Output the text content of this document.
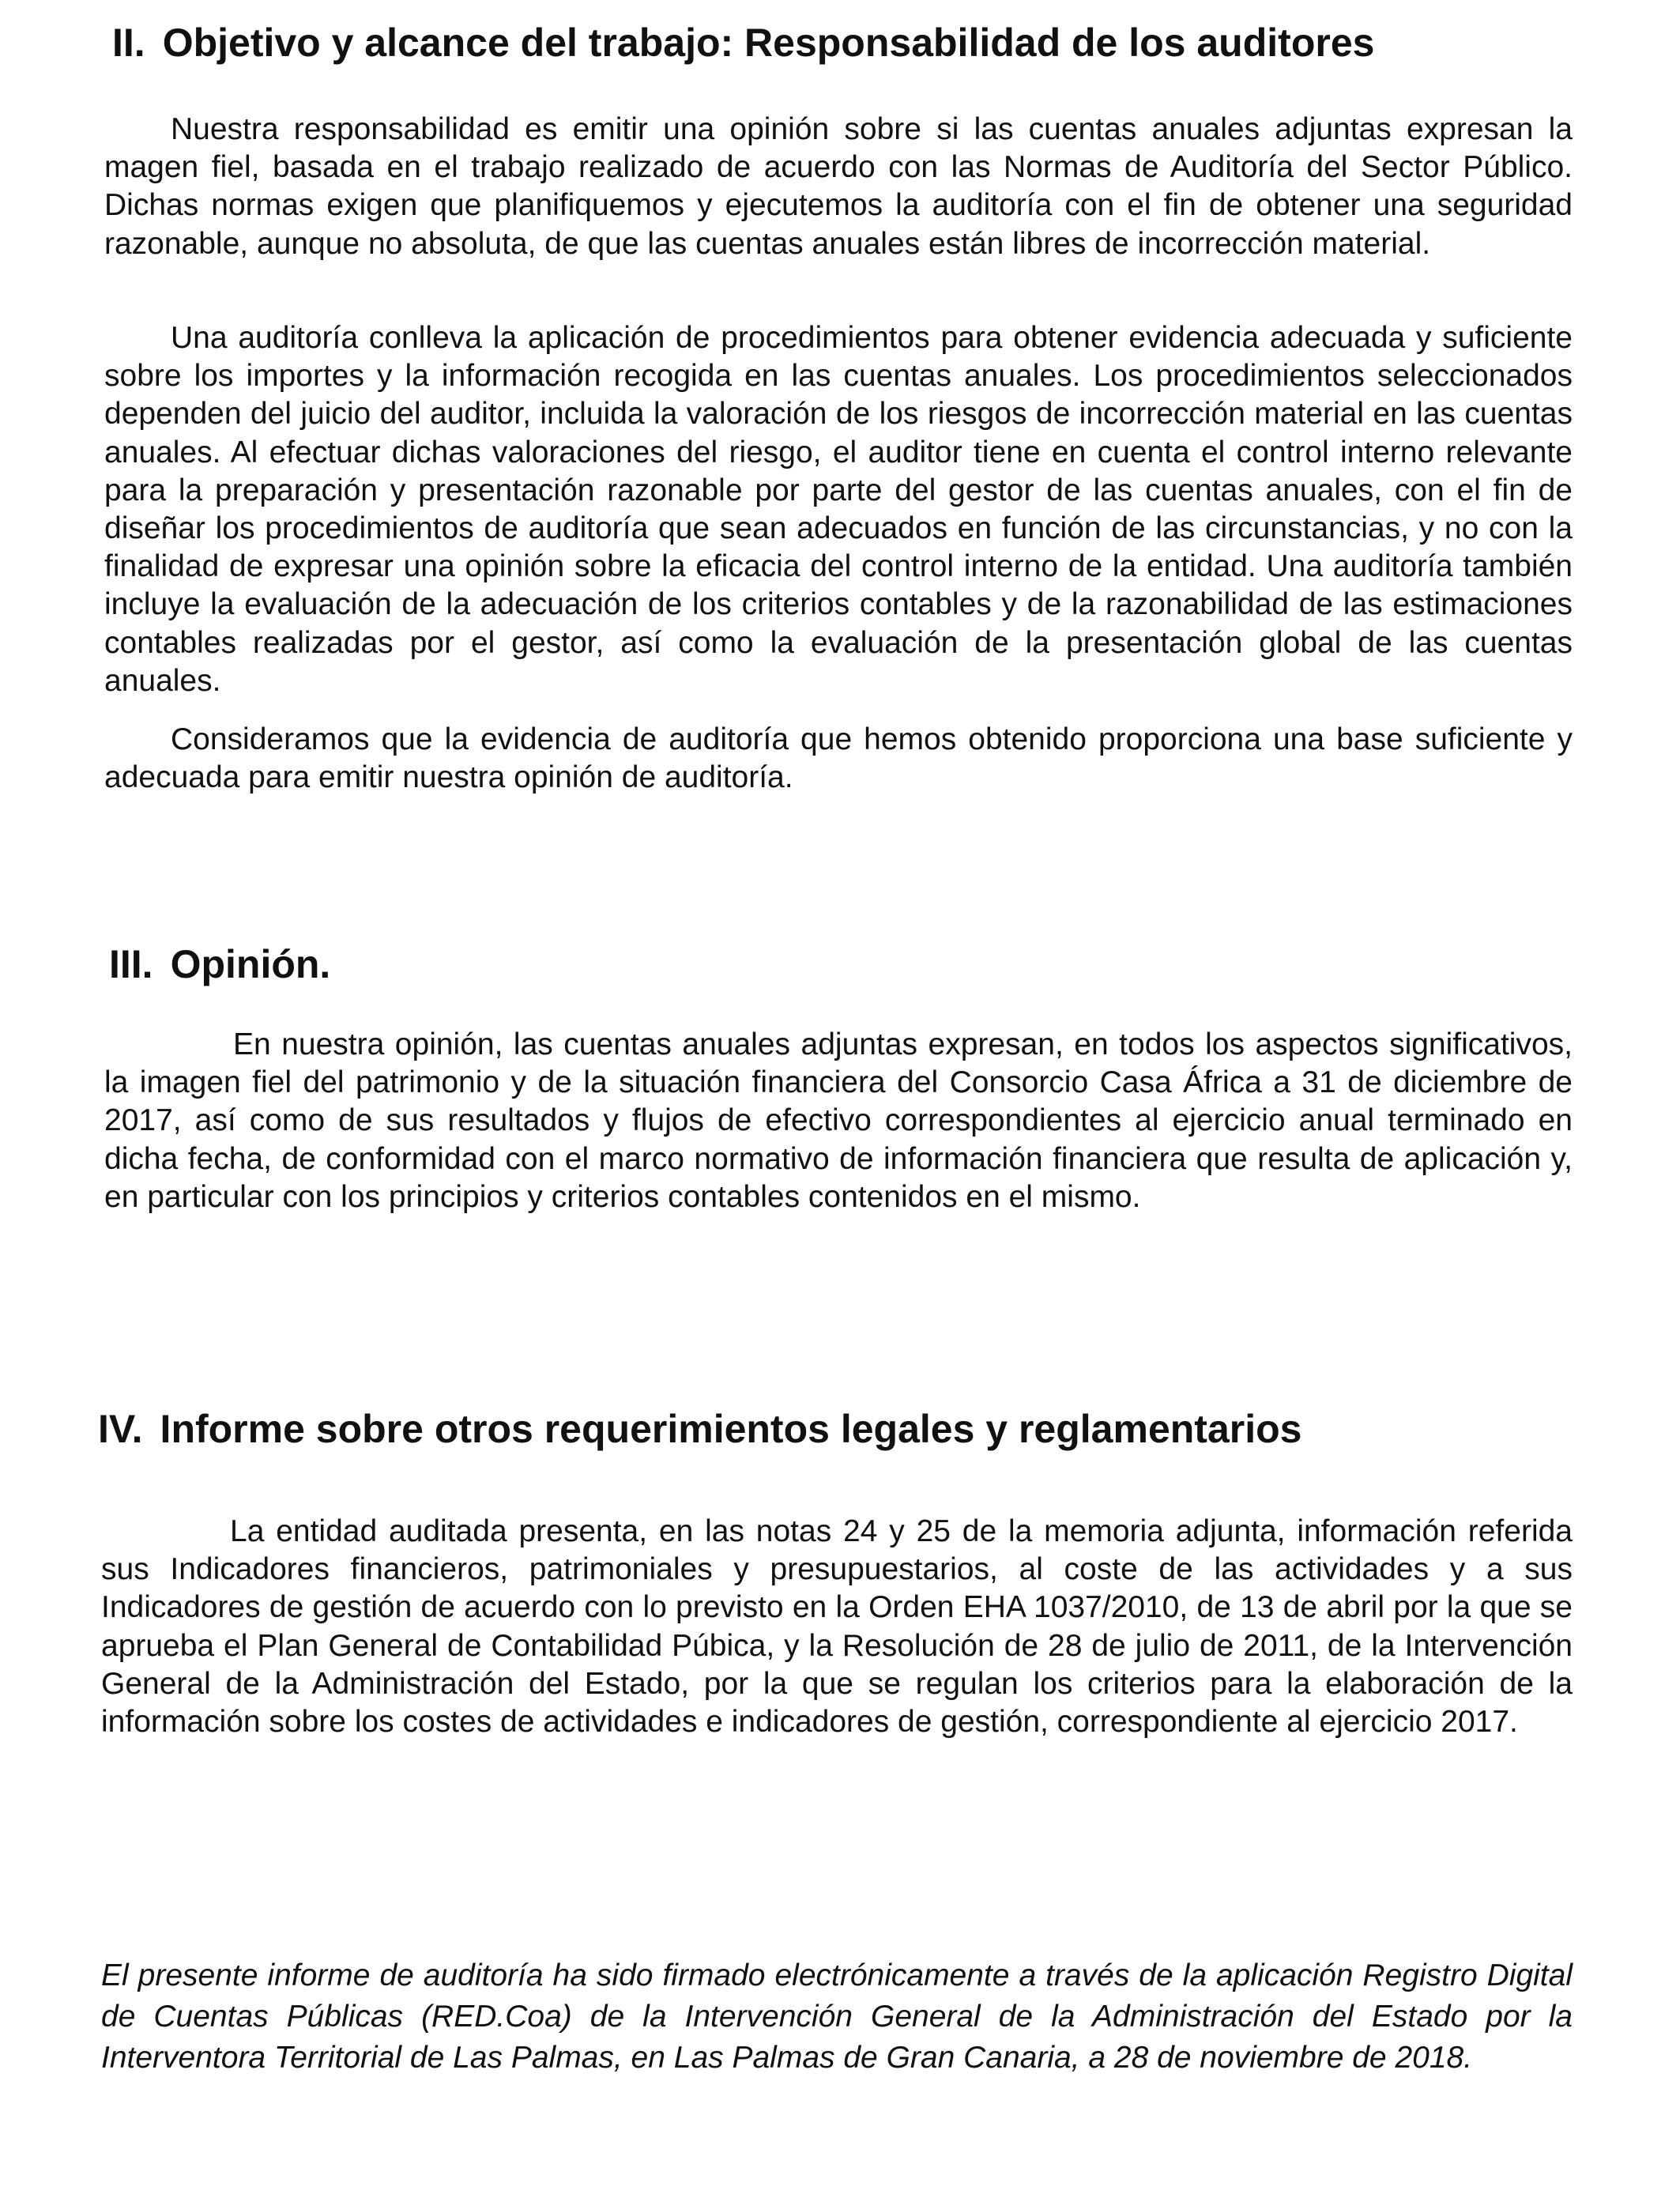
II. Objetivo y alcance del trabajo: Responsabilidad de los auditores

Nuestra responsabilidad es emitir una opinión sobre si las cuentas anuales adjuntas expresan la magen fiel, basada en el trabajo realizado de acuerdo con las Normas de Auditoría del Sector Público. Dichas normas exigen que planifiquemos y ejecutemos la auditoría con el fin de obtener una seguridad razonable, aunque no absoluta, de que las cuentas anuales están libres de incorrección material.

Una auditoría conlleva la aplicación de procedimientos para obtener evidencia adecuada y suficiente sobre los importes y la información recogida en las cuentas anuales. Los procedimientos seleccionados dependen del juicio del auditor, incluida la valoración de los riesgos de incorrección material en las cuentas anuales. Al efectuar dichas valoraciones del riesgo, el auditor tiene en cuenta el control interno relevante para la preparación y presentación razonable por parte del gestor de las cuentas anuales, con el fin de diseñar los procedimientos de auditoría que sean adecuados en función de las circunstancias, y no con la finalidad de expresar una opinión sobre la eficacia del control interno de la entidad. Una auditoría también incluye la evaluación de la adecuación de los criterios contables y de la razonabilidad de las estimaciones contables realizadas por el gestor, así como la evaluación de la presentación global de las cuentas anuales.

Consideramos que la evidencia de auditoría que hemos obtenido proporciona una base suficiente y adecuada para emitir nuestra opinión de auditoría.

III. Opinión.

En nuestra opinión, las cuentas anuales adjuntas expresan, en todos los aspectos significativos, la imagen fiel del patrimonio y de la situación financiera del Consorcio Casa África a 31 de diciembre de 2017, así como de sus resultados y flujos de efectivo correspondientes al ejercicio anual terminado en dicha fecha, de conformidad con el marco normativo de información financiera que resulta de aplicación y, en particular con los principios y criterios contables contenidos en el mismo.

IV. Informe sobre otros requerimientos legales y reglamentarios

La entidad auditada presenta, en las notas 24 y 25 de la memoria adjunta, información referida sus Indicadores financieros, patrimoniales y presupuestarios, al coste de las actividades y a sus Indicadores de gestión de acuerdo con lo previsto en la Orden EHA 1037/2010, de 13 de abril por la que se aprueba el Plan General de Contabilidad Púbica, y la Resolución de 28 de julio de 2011, de la Intervención General de la Administración del Estado, por la que se regulan los criterios para la elaboración de la información sobre los costes de actividades e indicadores de gestión, correspondiente al ejercicio 2017.

El presente informe de auditoría ha sido firmado electrónicamente a través de la aplicación Registro Digital de Cuentas Públicas (RED.Coa) de la Intervención General de la Administración del Estado por la Interventora Territorial de Las Palmas, en Las Palmas de Gran Canaria, a 28 de noviembre de 2018.
